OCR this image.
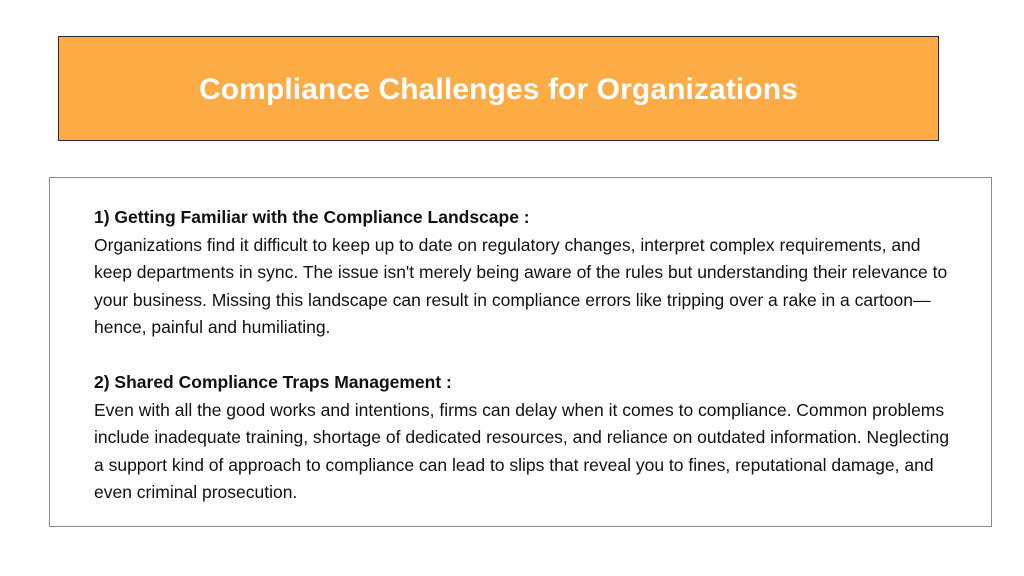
Compliance Challenges for Organizations
1) Getting Familiar with the Compliance Landscape :
Organizations find it difficult to keep up to date on regulatory changes, interpret complex requirements, and keep departments in sync. The issue isn't merely being aware of the rules but understanding their relevance to your business. Missing this landscape can result in compliance errors like tripping over a rake in a cartoon—hence, painful and humiliating.
2) Shared Compliance Traps Management :
Even with all the good works and intentions, firms can delay when it comes to compliance. Common problems include inadequate training, shortage of dedicated resources, and reliance on outdated information. Neglecting a support kind of approach to compliance can lead to slips that reveal you to fines, reputational damage, and even criminal prosecution.
